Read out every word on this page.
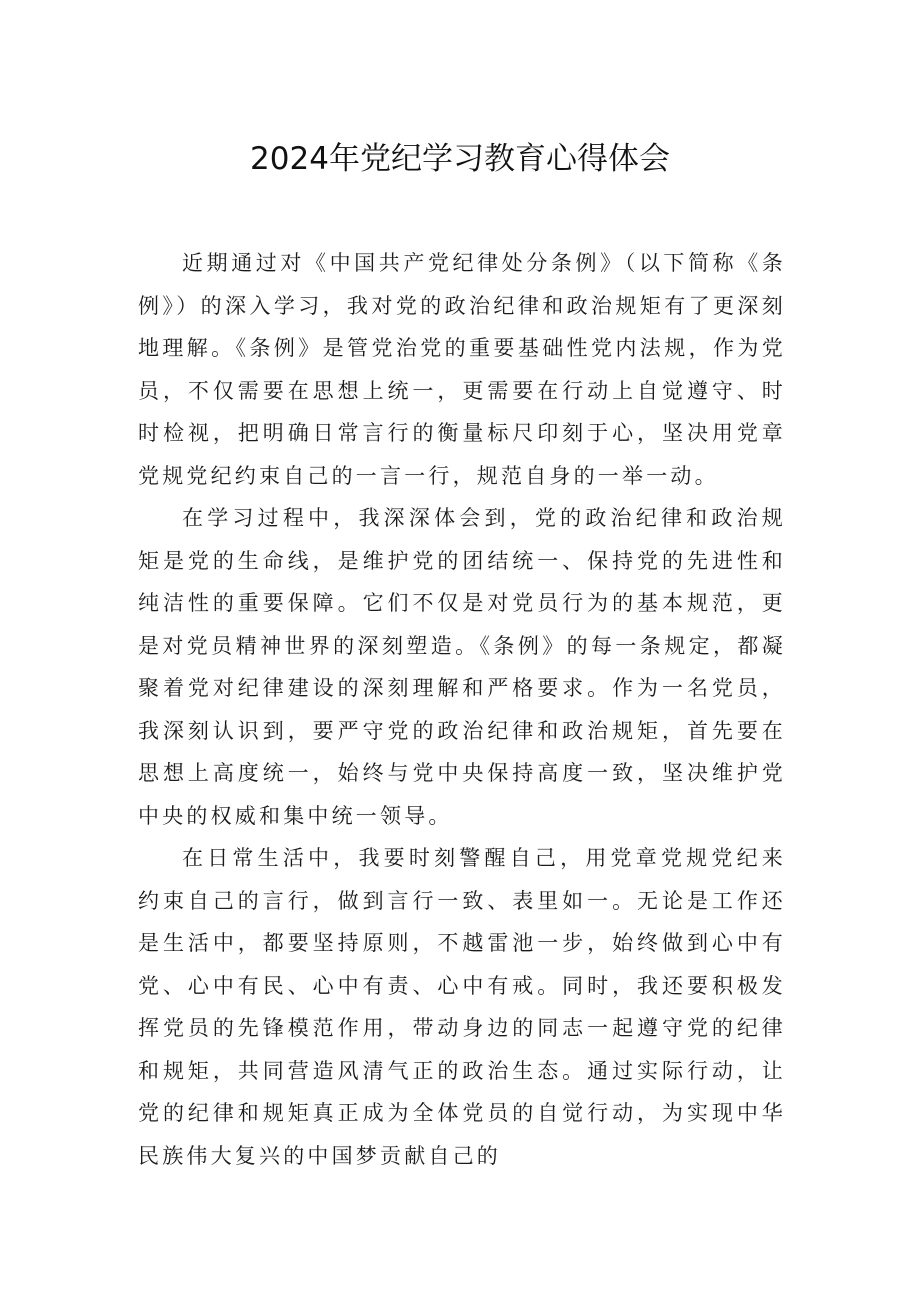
2024年党纪学习教育心得体会

近期通过对《中国共产党纪律处分条例》（以下简称《条例》）的深入学习，我对党的政治纪律和政治规矩有了更深刻地理解。《条例》是管党治党的重要基础性党内法规，作为党员，不仅需要在思想上统一，更需要在行动上自觉遵守、时时检视，把明确日常言行的衡量标尺印刻于心，坚决用党章党规党纪约束自己的一言一行，规范自身的一举一动。

在学习过程中，我深深体会到，党的政治纪律和政治规矩是党的生命线，是维护党的团结统一、保持党的先进性和纯洁性的重要保障。它们不仅是对党员行为的基本规范，更是对党员精神世界的深刻塑造。《条例》的每一条规定，都凝聚着党对纪律建设的深刻理解和严格要求。作为一名党员，我深刻认识到，要严守党的政治纪律和政治规矩，首先要在思想上高度统一，始终与党中央保持高度一致，坚决维护党中央的权威和集中统一领导。

在日常生活中，我要时刻警醒自己，用党章党规党纪来约束自己的言行，做到言行一致、表里如一。无论是工作还是生活中，都要坚持原则，不越雷池一步，始终做到心中有党、心中有民、心中有责、心中有戒。同时，我还要积极发挥党员的先锋模范作用，带动身边的同志一起遵守党的纪律和规矩，共同营造风清气正的政治生态。通过实际行动，让党的纪律和规矩真正成为全体党员的自觉行动，为实现中华民族伟大复兴的中国梦贡献自己的
